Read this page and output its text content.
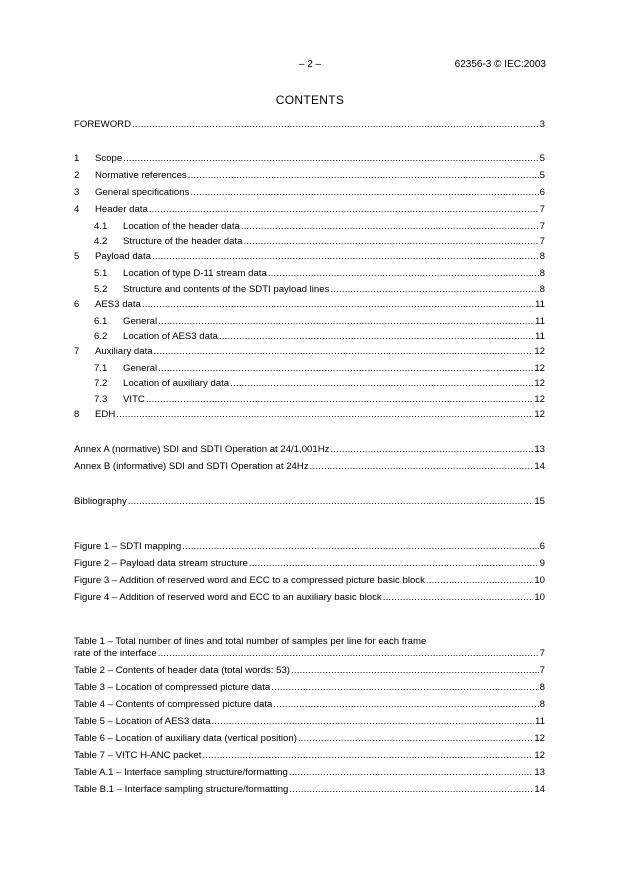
– 2 –	62356-3 © IEC:2003
CONTENTS
FOREWORD .....	3
1	Scope .....	5
2	Normative references .....	5
3	General specifications .....	6
4	Header data .....	7
4.1	Location of the header data .....	7
4.2	Structure of the header data .....	7
5	Payload data .....	8
5.1	Location of type D-11 stream data .....	8
5.2	Structure and contents of the SDTI payload lines .....	8
6	AES3 data .....	11
6.1	General .....	11
6.2	Location of AES3 data .....	11
7	Auxiliary data .....	12
7.1	General .....	12
7.2	Location of auxiliary data .....	12
7.3	VITC .....	12
8	EDH .....	12
Annex A (normative) SDI and SDTI Operation at 24/1,001Hz .....	13
Annex B (informative) SDI and SDTI Operation at 24Hz .....	14
Bibliography .....	15
Figure 1 – SDTI mapping .....	6
Figure 2 – Payload data stream structure .....	9
Figure 3 – Addition of reserved word and ECC to a compressed picture basic block .....	10
Figure 4 – Addition of reserved word and ECC to an auxiliary basic block .....	10
Table 1 – Total number of lines and total number of samples per line for each frame
rate of the interface .....	7
Table 2 – Contents of header data (total words: 53) .....	7
Table 3 – Location of compressed picture data .....	8
Table 4 – Contents of compressed picture data .....	8
Table 5 – Location of AES3 data .....	11
Table 6 – Location of auxiliary data (vertical position) .....	12
Table 7 – VITC H-ANC packet .....	12
Table A.1 – Interface sampling structure/formatting .....	13
Table B.1 – Interface sampling structure/formatting .....	14
